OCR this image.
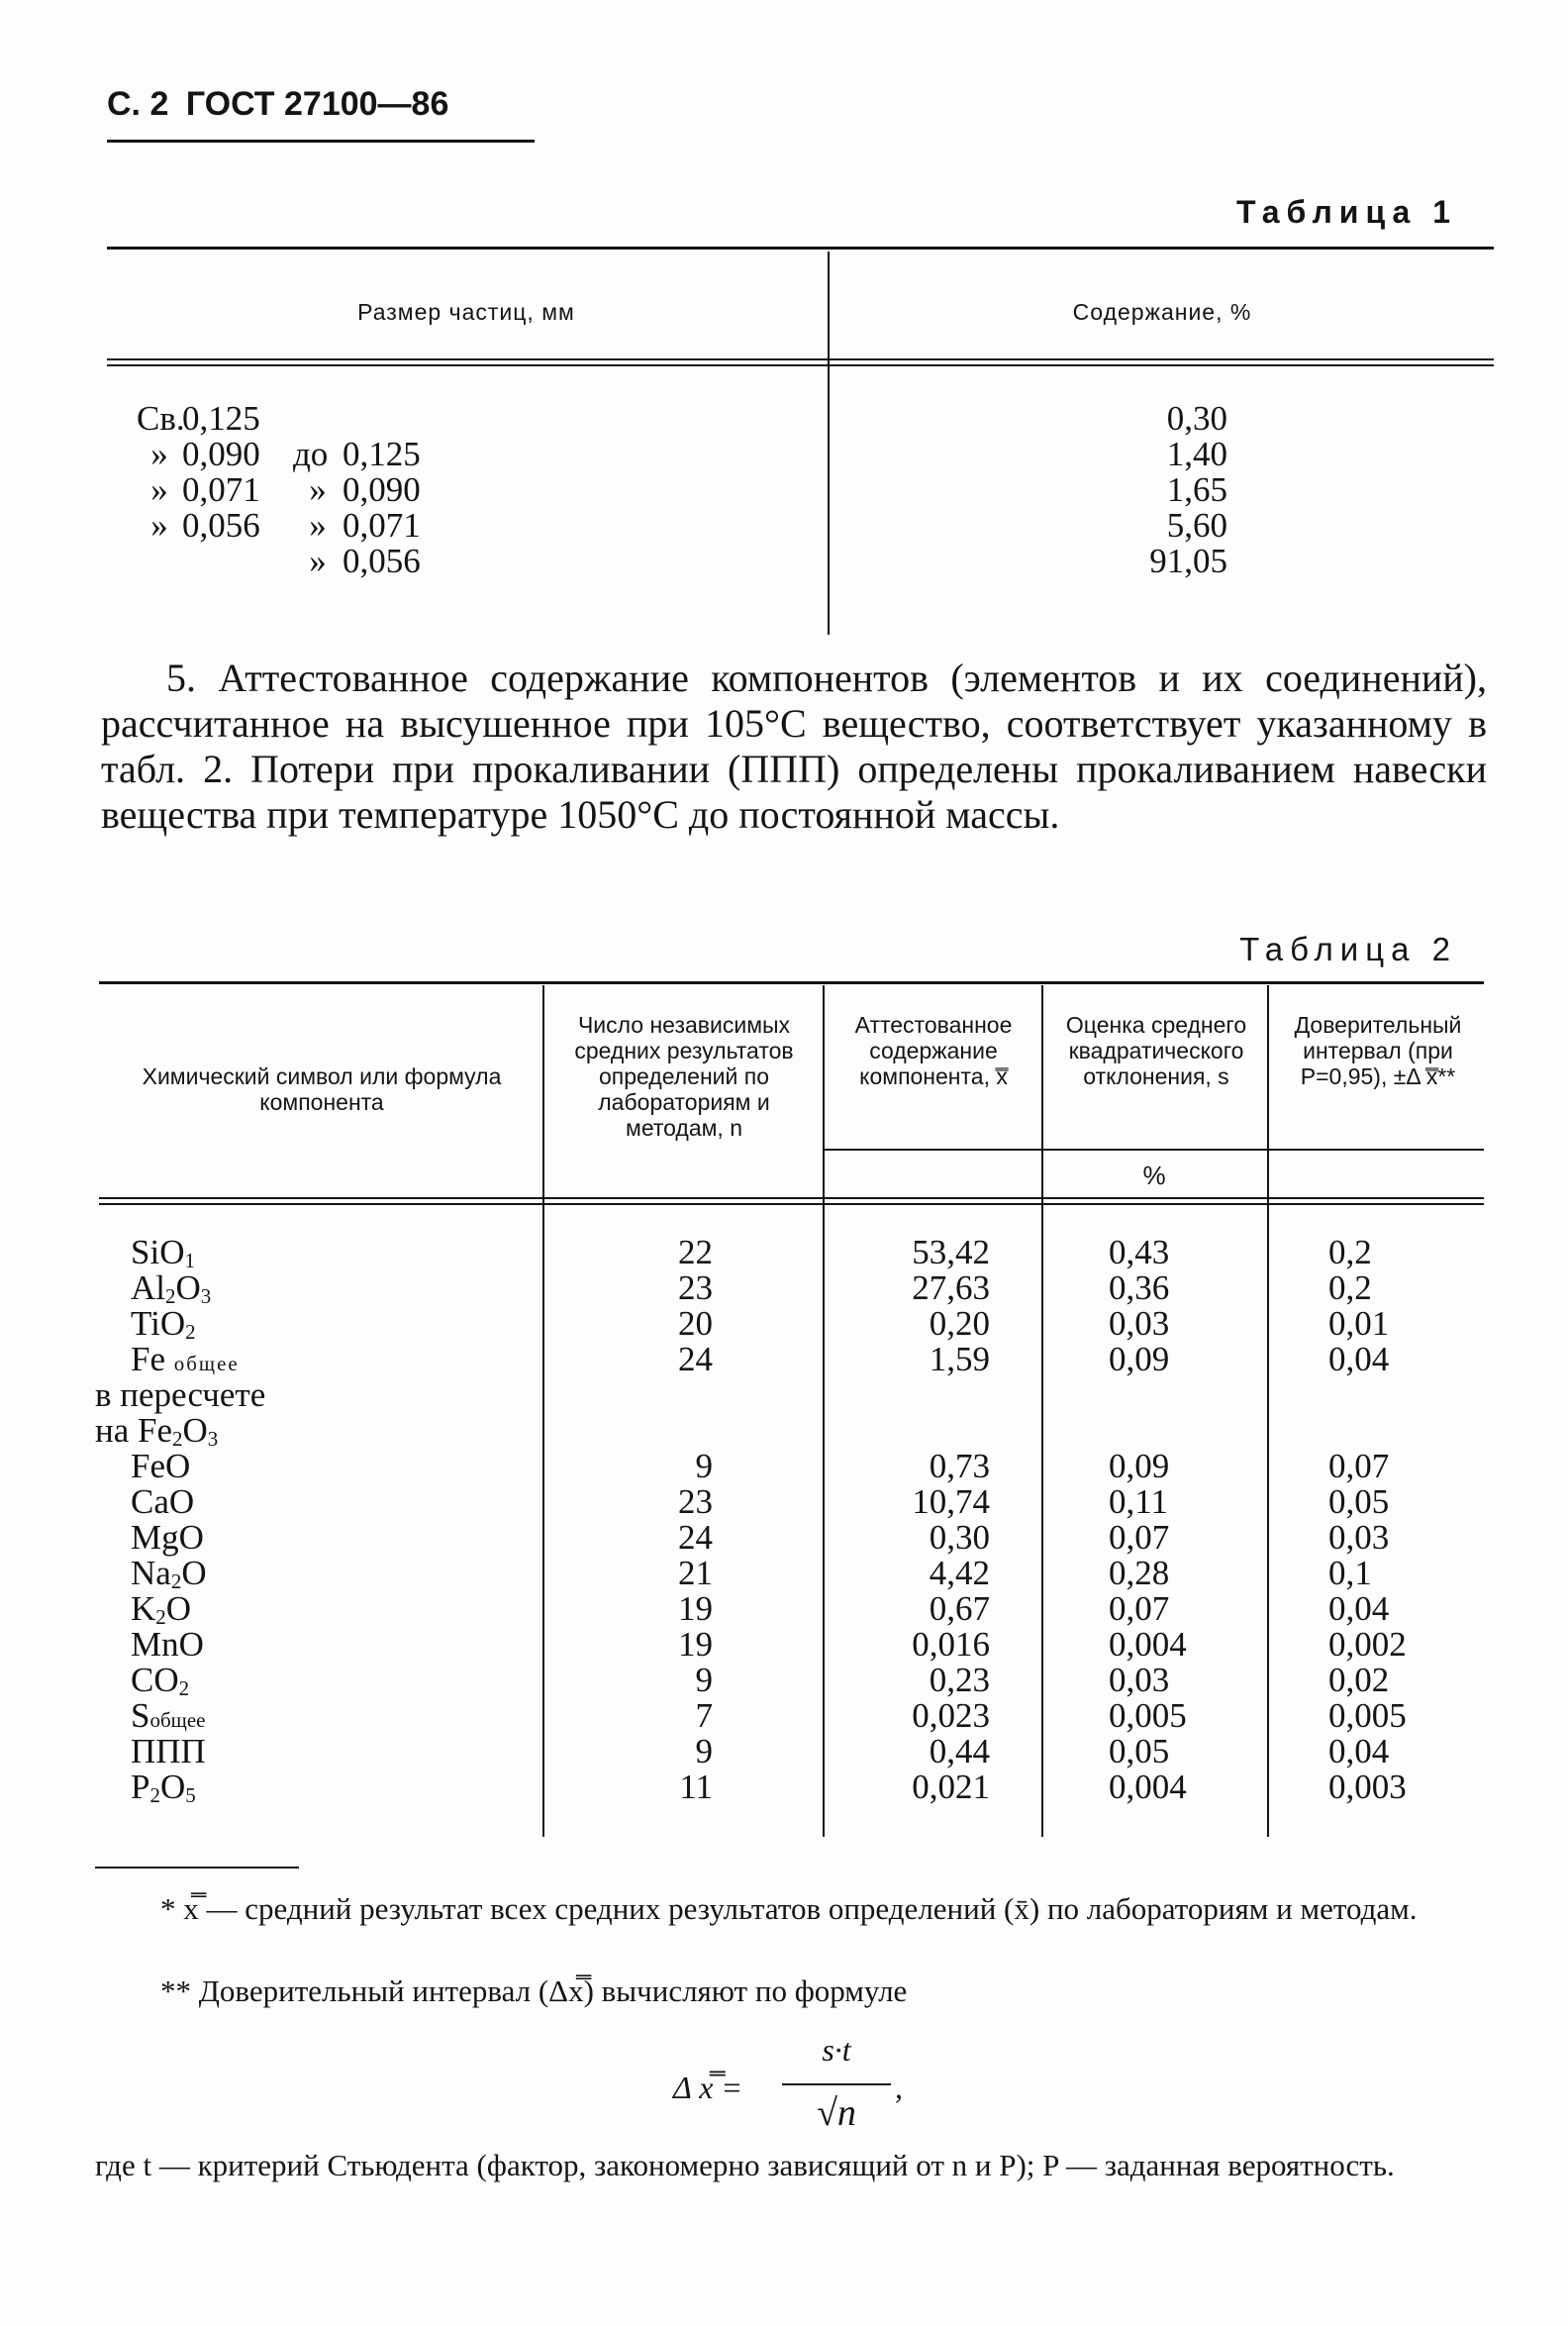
С. 2 ГОСТ 27100—86
Таблица 1
Размер частиц, мм	Содержание, %
Св.0,125
» 0,090 до 0,125
» 0,071 » 0,090
» 0,056 » 0,071
» 0,056
0,30
1,40
1,65
5,60
91,05
5. Аттестованное содержание компонентов (элементов и их соединений), рассчитанное на высушенное при 105°С вещество, соответствует указанному в табл. 2. Потери при прокаливании (ППП) определены прокаливанием навески вещества при температуре 1050°С до постоянной массы.
Таблица 2
Химический символ или формула компонента
Число независимых средних результатов определений по лабораториям и методам, n
Аттестованное содержание компонента, x̿
Оценка среднего квадратического отклонения, s
Доверительный интервал (при P=0,95), ±Δ x̿**
%
SiO$_1$
$Al_2O_3$
TiO$_2$
Fe общее
в пересчете
на $Fe_2O_3$
FeO
CaO
MgO
$Na_2O$
$K_2O$
MnO
$CO_2$
Sобщее
ППП
$P_2O_5$
22
23
20
24
9
23
24
21
19
19
9
7
9
11
53,42
27,63
0,20
1,59
0,73
10,74
0,30
4,42
0,67
0,016
0,23
0,023
0,44
0,021
0,43
0,36
0,03
0,09
0,09
0,11
0,07
0,28
0,07
0,004
0,03
0,005
0,05
0,004
0,2
0,2
0,01
0,04
0,07
0,05
0,03
0,1
0,04
0,002
0,02
0,005
0,04
0,003
* x̿ — средний результат всех средних результатов определений (x̄) по лабораториям и методам.
** Доверительный интервал (Δx̿) вычисляют по формуле
Δ x̿ =
s·t
√n
,
где t — критерий Стьюдента (фактор, закономерно зависящий от n и P); P — заданная вероятность.
